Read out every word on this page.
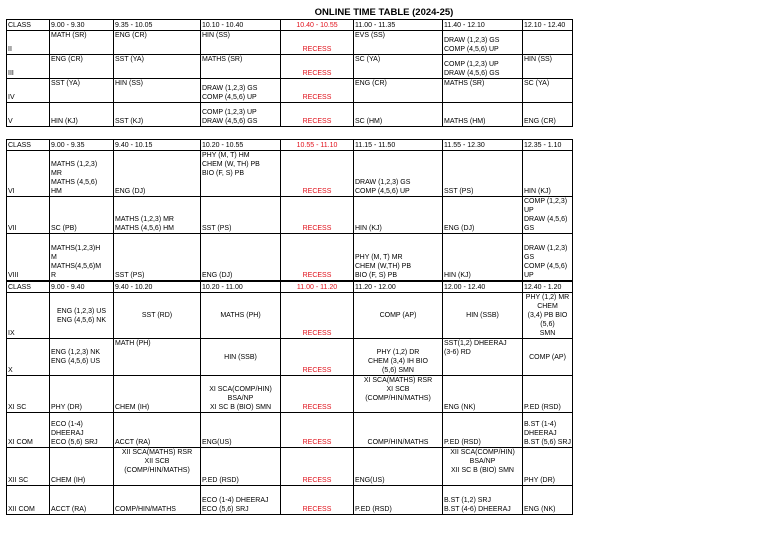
ONLINE TIME TABLE (2024-25)
CLASS	9.00 - 9.30	9.35 - 10.05	10.10 - 10.40	10.40 - 10.55	11.00 - 11.35	11.40 - 12.10	12.10 - 12.40
II	MATH (SR)	ENG (CR)	HIN (SS)	RECESS	EVS (SS)	DRAW (1,2,3) GS
COMP (4,5,6) UP	
III	ENG (CR)	SST (YA)	MATHS (SR)	RECESS	SC (YA)	COMP (1,2,3) UP
DRAW (4,5,6) GS	HIN (SS)
IV	SST (YA)	HIN (SS)	DRAW (1,2,3) GS
COMP (4,5,6) UP	RECESS	ENG (CR)	MATHS (SR)	SC (YA)
V	HIN (KJ)	SST (KJ)	COMP (1,2,3) UP
DRAW (4,5,6) GS	RECESS	SC (HM)	MATHS (HM)	ENG (CR)
CLASS	9.00 - 9.35	9.40 - 10.15	10.20 - 10.55	10.55 - 11.10	11.15 - 11.50	11.55 - 12.30	12.35 - 1.10
VI	MATHS (1,2,3)
MR
MATHS (4,5,6)
HM	ENG (DJ)	PHY (M, T) HM
CHEM (W, TH) PB
BIO (F, S) PB	RECESS	DRAW (1,2,3) GS
COMP (4,5,6) UP	SST (PS)	HIN (KJ)
VII	SC (PB)	MATHS (1,2,3) MR
MATHS (4,5,6) HM	SST (PS)	RECESS	HIN (KJ)	ENG (DJ)	COMP (1,2,3) UP
DRAW (4,5,6) GS
VIII	MATHS(1,2,3)H
M
MATHS(4,5,6)M
R	SST (PS)	ENG (DJ)	RECESS	PHY (M, T) MR
CHEM (W,TH) PB
BIO (F, S) PB	HIN (KJ)	DRAW (1,2,3) GS
COMP (4,5,6) UP
CLASS	9.00 - 9.40	9.40 - 10.20	10.20 - 11.00	11.00 - 11.20	11.20 - 12.00	12.00 - 12.40	12.40 - 1.20
IX	ENG (1,2,3) US
ENG (4,5,6) NK	SST (RD)	MATHS (PH)	RECESS	COMP (AP)	HIN (SSB)	PHY (1,2) MR CHEM
(3,4) PB BIO (5,6)
SMN
X	ENG (1,2,3) NK
ENG (4,5,6) US	MATH (PH)	HIN (SSB)	RECESS	PHY (1,2) DR
CHEM (3,4) IH BIO
(5,6) SMN	SST(1,2) DHEERAJ
(3-6) RD	COMP (AP)
XI SC	PHY (DR)	CHEM (IH)	XI SCA(COMP/HIN)
BSA/NP
XI SC B (BIO) SMN	RECESS	XI SCA(MATHS) RSR
XI SCB
(COMP/HIN/MATHS)	ENG (NK)	P.ED (RSD)
XI COM	ECO (1-4)
DHEERAJ
ECO (5,6) SRJ	ACCT (RA)	ENG(US)	RECESS	COMP/HIN/MATHS	P.ED (RSD)	B.ST (1-4) DHEERAJ
B.ST (5,6) SRJ
XII SC	CHEM (IH)	XII SCA(MATHS) RSR
XII SCB
(COMP/HIN/MATHS)	P.ED (RSD)	RECESS	ENG(US)	XII SCA(COMP/HIN)
BSA/NP
XII SC B (BIO) SMN	PHY (DR)
XII COM	ACCT (RA)	COMP/HIN/MATHS	ECO (1-4) DHEERAJ
ECO (5,6) SRJ	RECESS	P.ED (RSD)	B.ST (1,2) SRJ
B.ST (4-6) DHEERAJ	ENG (NK)
